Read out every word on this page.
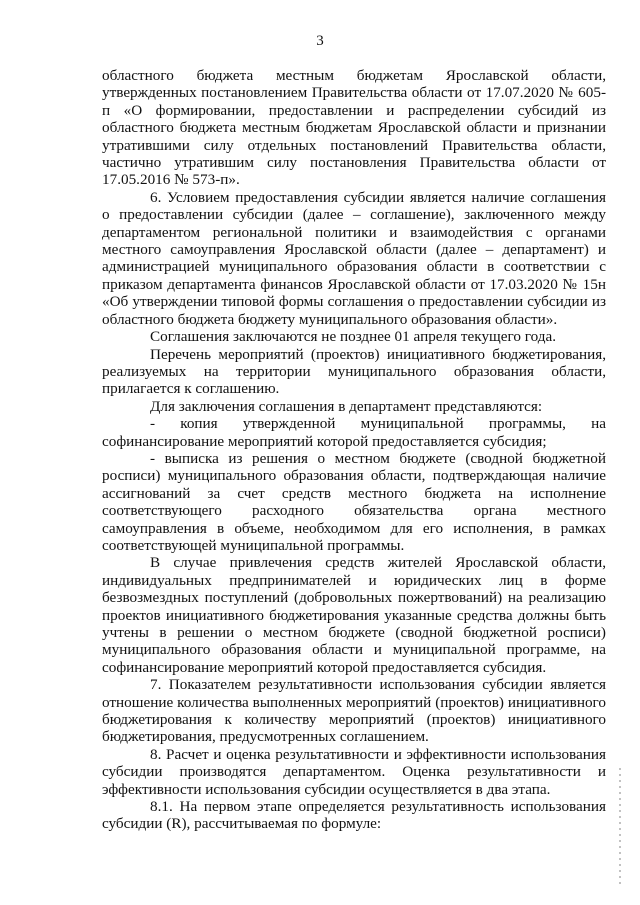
3

областного бюджета местным бюджетам Ярославской области, утвержденных постановлением Правительства области от 17.07.2020 № 605-п «О формировании, предоставлении и распределении субсидий из областного бюджета местным бюджетам Ярославской области и признании утратившими силу отдельных постановлений Правительства области, частично утратившим силу постановления Правительства области от 17.05.2016 № 573-п».

6. Условием предоставления субсидии является наличие соглашения о предоставлении субсидии (далее – соглашение), заключенного между департаментом региональной политики и взаимодействия с органами местного самоуправления Ярославской области (далее – департамент) и администрацией муниципального образования области в соответствии с приказом департамента финансов Ярославской области от 17.03.2020 № 15н «Об утверждении типовой формы соглашения о предоставлении субсидии из областного бюджета бюджету муниципального образования области».

Соглашения заключаются не позднее 01 апреля текущего года.

Перечень мероприятий (проектов) инициативного бюджетирования, реализуемых на территории муниципального образования области, прилагается к соглашению.

Для заключения соглашения в департамент представляются:

- копия утвержденной муниципальной программы, на софинансирование мероприятий которой предоставляется субсидия;

- выписка из решения о местном бюджете (сводной бюджетной росписи) муниципального образования области, подтверждающая наличие ассигнований за счет средств местного бюджета на исполнение соответствующего расходного обязательства органа местного самоуправления в объеме, необходимом для его исполнения, в рамках соответствующей муниципальной программы.

В случае привлечения средств жителей Ярославской области, индивидуальных предпринимателей и юридических лиц в форме безвозмездных поступлений (добровольных пожертвований) на реализацию проектов инициативного бюджетирования указанные средства должны быть учтены в решении о местном бюджете (сводной бюджетной росписи) муниципального образования области и муниципальной программе, на софинансирование мероприятий которой предоставляется субсидия.

7. Показателем результативности использования субсидии является отношение количества выполненных мероприятий (проектов) инициативного бюджетирования к количеству мероприятий (проектов) инициативного бюджетирования, предусмотренных соглашением.

8. Расчет и оценка результативности и эффективности использования субсидии производятся департаментом. Оценка результативности и эффективности использования субсидии осуществляется в два этапа.

8.1. На первом этапе определяется результативность использования субсидии (R), рассчитываемая по формуле:
